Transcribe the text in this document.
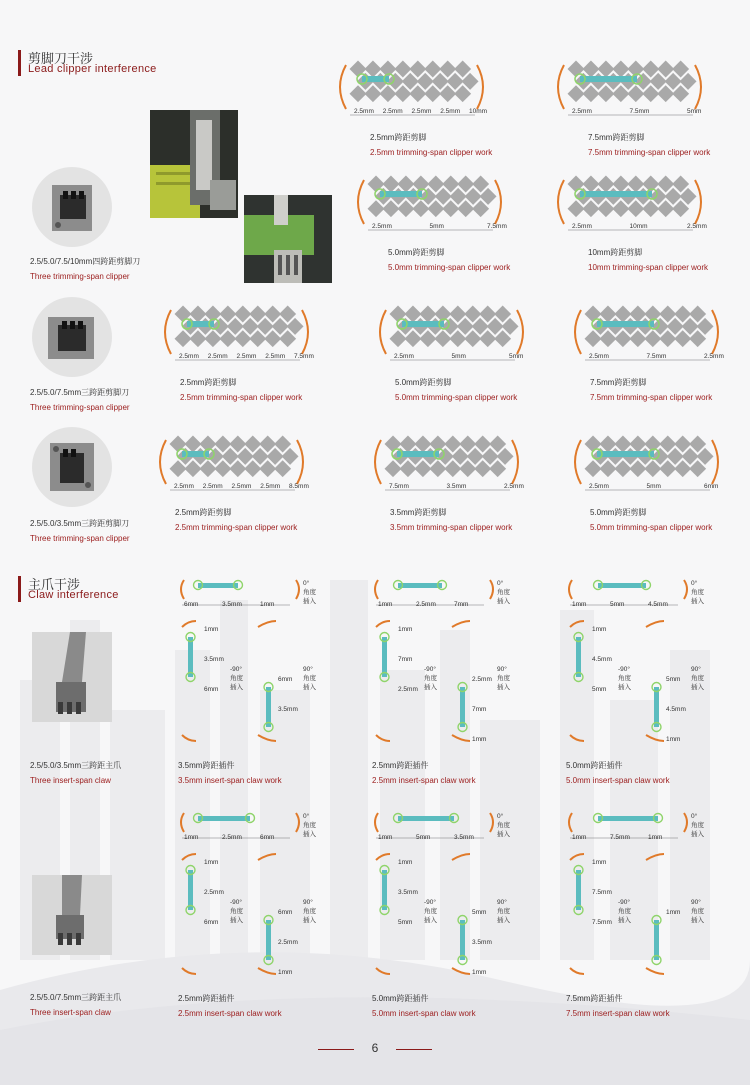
剪脚刀干涉
Lead clipper interference
主爪干涉
Claw interference
2.5mm 2.5mm 2.5mm 2.5mm 10mm
2.5mm跨距剪脚
2.5mm trimming-span clipper work
2.5mm	7.5mm	5mm
7.5mm跨距剪脚
7.5mm trimming-span clipper work
2.5mm	5mm	7.5mm
5.0mm跨距剪脚
5.0mm trimming-span clipper work
2.5mm	10mm	2.5mm
10mm跨距剪脚
10mm trimming-span clipper work
2.5mm 2.5mm 2.5mm 2.5mm 7.5mm
2.5mm跨距剪脚
2.5mm trimming-span clipper work
2.5mm	5mm	5mm
5.0mm跨距剪脚
5.0mm trimming-span clipper work
2.5mm	7.5mm	2.5mm
7.5mm跨距剪脚
7.5mm trimming-span clipper work
2.5mm 2.5mm 2.5mm 2.5mm 8.5mm
2.5mm跨距剪脚
2.5mm trimming-span clipper work
7.5mm	3.5mm	2.5mm
3.5mm跨距剪脚
3.5mm trimming-span clipper work
2.5mm	5mm	6mm
5.0mm跨距剪脚
5.0mm trimming-span clipper work
6mm	3.5mm	1mm
0°
角度
插入
1mm
3.5mm
6mm
6mm
3.5mm
-90°
角度
插入
90°
角度
插入
3.5mm跨距插件
3.5mm insert-span claw work
1mm	2.5mm	7mm
0°
角度
插入
1mm
7mm
2.5mm
2.5mm
7mm
1mm
-90°
角度
插入
90°
角度
插入
2.5mm跨距插件
2.5mm insert-span claw work
1mm	5mm	4.5mm
0°
角度
插入
1mm
4.5mm
5mm
5mm
4.5mm
1mm
-90°
角度
插入
90°
角度
插入
5.0mm跨距插件
5.0mm insert-span claw work
1mm	2.5mm	6mm
0°
角度
插入
1mm
2.5mm
6mm
6mm
2.5mm
1mm
-90°
角度
插入
90°
角度
插入
2.5mm跨距插件
2.5mm insert-span claw work
1mm	5mm	3.5mm
0°
角度
插入
1mm
3.5mm
5mm
5mm
3.5mm
1mm
-90°
角度
插入
90°
角度
插入
5.0mm跨距插件
5.0mm insert-span claw work
1mm	7.5mm	1mm
0°
角度
插入
1mm
7.5mm
7.5mm
1mm
-90°
角度
插入
90°
角度
插入
7.5mm跨距插件
7.5mm insert-span claw work
2.5/5.0/7.5/10mm四跨距剪脚刀
Three trimming-span clipper
2.5/5.0/7.5mm三跨距剪脚刀
Three trimming-span clipper
2.5/5.0/3.5mm三跨距剪脚刀
Three trimming-span clipper
2.5/5.0/3.5mm三跨距主爪
Three insert-span claw
2.5/5.0/7.5mm三跨距主爪
Three insert-span claw
6
